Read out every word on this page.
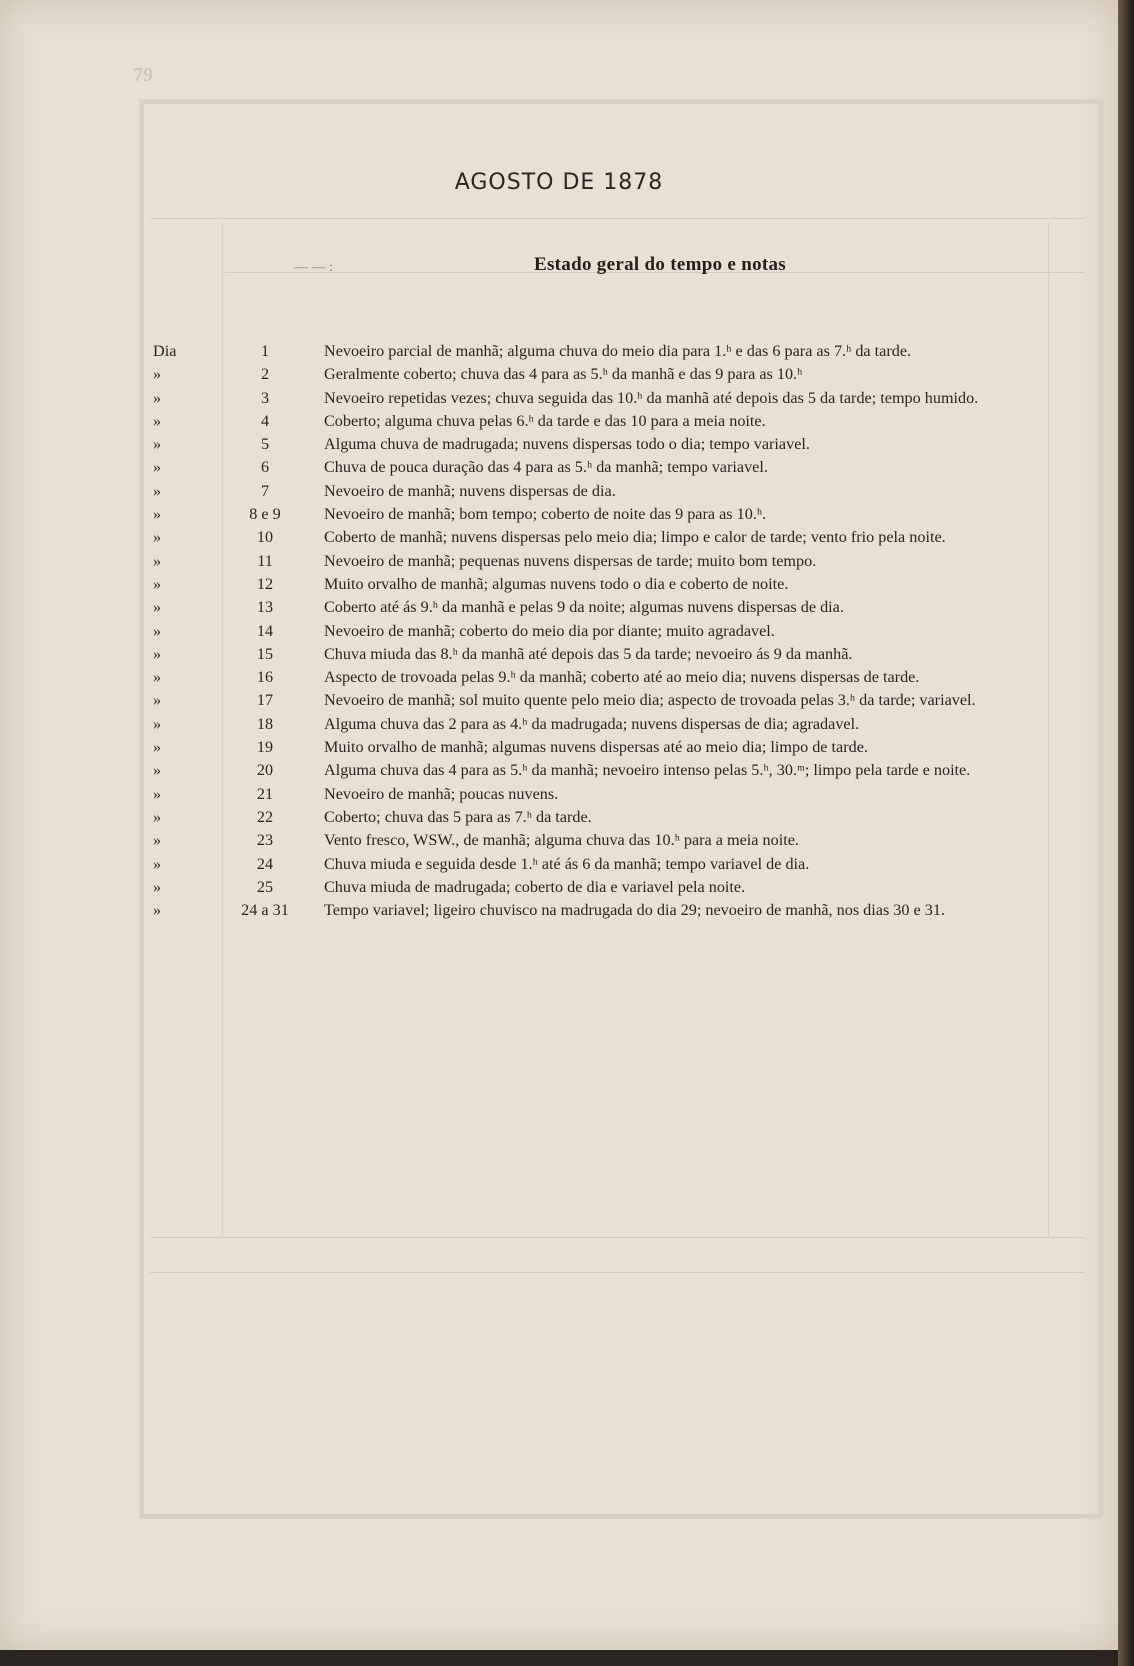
79
AGOSTO DE 1878
— — :	Estado geral do tempo e notas
Dia	1	Nevoeiro parcial de manhã; alguma chuva do meio dia para 1.ʰ e das 6 para as 7.ʰ da tarde.
»	2	Geralmente coberto; chuva das 4 para as 5.ʰ da manhã e das 9 para as 10.ʰ
»	3	Nevoeiro repetidas vezes; chuva seguida das 10.ʰ da manhã até depois das 5 da tarde; tempo humido.
»	4	Coberto; alguma chuva pelas 6.ʰ da tarde e das 10 para a meia noite.
»	5	Alguma chuva de madrugada; nuvens dispersas todo o dia; tempo variavel.
»	6	Chuva de pouca duração das 4 para as 5.ʰ da manhã; tempo variavel.
»	7	Nevoeiro de manhã; nuvens dispersas de dia.
»	8 e 9	Nevoeiro de manhã; bom tempo; coberto de noite das 9 para as 10.ʰ.
»	10	Coberto de manhã; nuvens dispersas pelo meio dia; limpo e calor de tarde; vento frio pela noite.
»	11	Nevoeiro de manhã; pequenas nuvens dispersas de tarde; muito bom tempo.
»	12	Muito orvalho de manhã; algumas nuvens todo o dia e coberto de noite.
»	13	Coberto até ás 9.ʰ da manhã e pelas 9 da noite; algumas nuvens dispersas de dia.
»	14	Nevoeiro de manhã; coberto do meio dia por diante; muito agradavel.
»	15	Chuva miuda das 8.ʰ da manhã até depois das 5 da tarde; nevoeiro ás 9 da manhã.
»	16	Aspecto de trovoada pelas 9.ʰ da manhã; coberto até ao meio dia; nuvens dispersas de tarde.
»	17	Nevoeiro de manhã; sol muito quente pelo meio dia; aspecto de trovoada pelas 3.ʰ da tarde; variavel.
»	18	Alguma chuva das 2 para as 4.ʰ da madrugada; nuvens dispersas de dia; agradavel.
»	19	Muito orvalho de manhã; algumas nuvens dispersas até ao meio dia; limpo de tarde.
»	20	Alguma chuva das 4 para as 5.ʰ da manhã; nevoeiro intenso pelas 5.ʰ, 30.ᵐ; limpo pela tarde e noite.
»	21	Nevoeiro de manhã; poucas nuvens.
»	22	Coberto; chuva das 5 para as 7.ʰ da tarde.
»	23	Vento fresco, WSW., de manhã; alguma chuva das 10.ʰ para a meia noite.
»	24	Chuva miuda e seguida desde 1.ʰ até ás 6 da manhã; tempo variavel de dia.
»	25	Chuva miuda de madrugada; coberto de dia e variavel pela noite.
»	24 a 31	Tempo variavel; ligeiro chuvisco na madrugada do dia 29; nevoeiro de manhã, nos dias 30 e 31.
